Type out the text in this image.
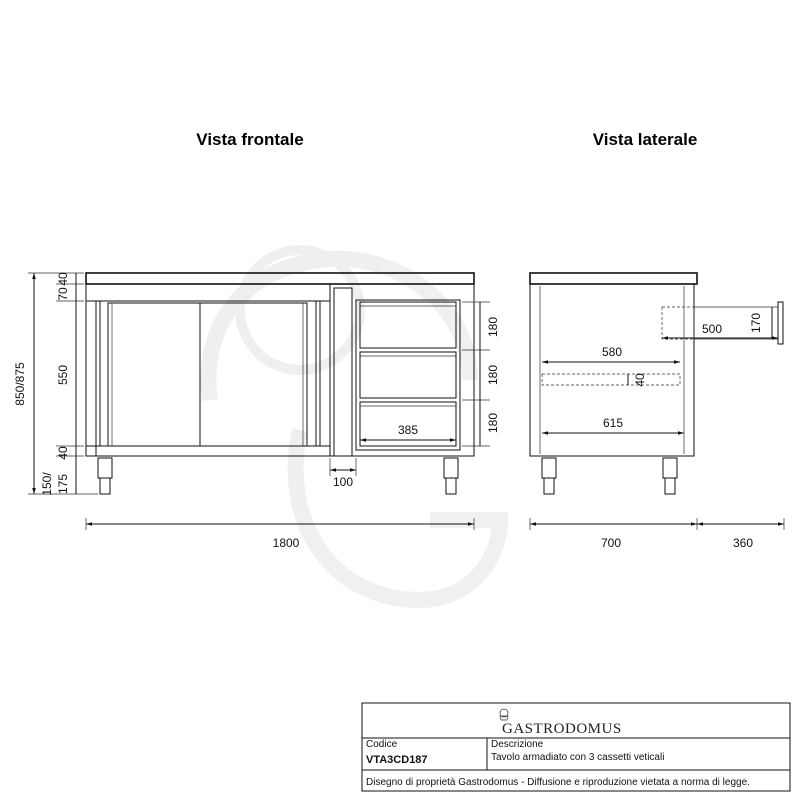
Vista frontale	Vista laterale
40
70
550
40
150/ 175
850/875
180
180
180
385
100
1800
500 170
580
40
615
700	360
GASTRODOMUS
Codice
VTA3CD187
Descrizione
Tavolo armadiato con 3 cassetti veticali
Disegno di proprietà Gastrodomus - Diffusione e riproduzione vietata a norma di legge.
